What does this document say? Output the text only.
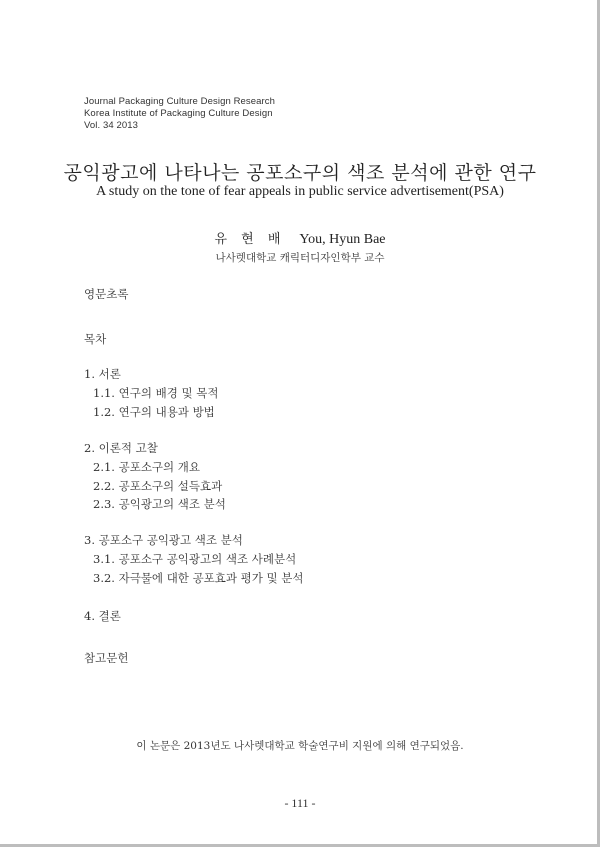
Journal Packaging Culture Design Research
Korea Institute of Packaging Culture Design
Vol. 34 2013
공익광고에 나타나는 공포소구의 색조 분석에 관한 연구
A study on the tone of fear appeals in public service advertisement(PSA)
유 현 배 You, Hyun Bae
나사렛대학교 캐릭터디자인학부 교수
영문초록
목차
1. 서론
1.1. 연구의 배경 및 목적
1.2. 연구의 내용과 방법
2. 이론적 고찰
2.1. 공포소구의 개요
2.2. 공포소구의 설득효과
2.3. 공익광고의 색조 분석
3. 공포소구 공익광고 색조 분석
3.1. 공포소구 공익광고의 색조 사례분석
3.2. 자극물에 대한 공포효과 평가 및 분석
4. 결론
참고문헌
이 논문은 2013년도 나사렛대학교 학술연구비 지원에 의해 연구되었음.
- 111 -
